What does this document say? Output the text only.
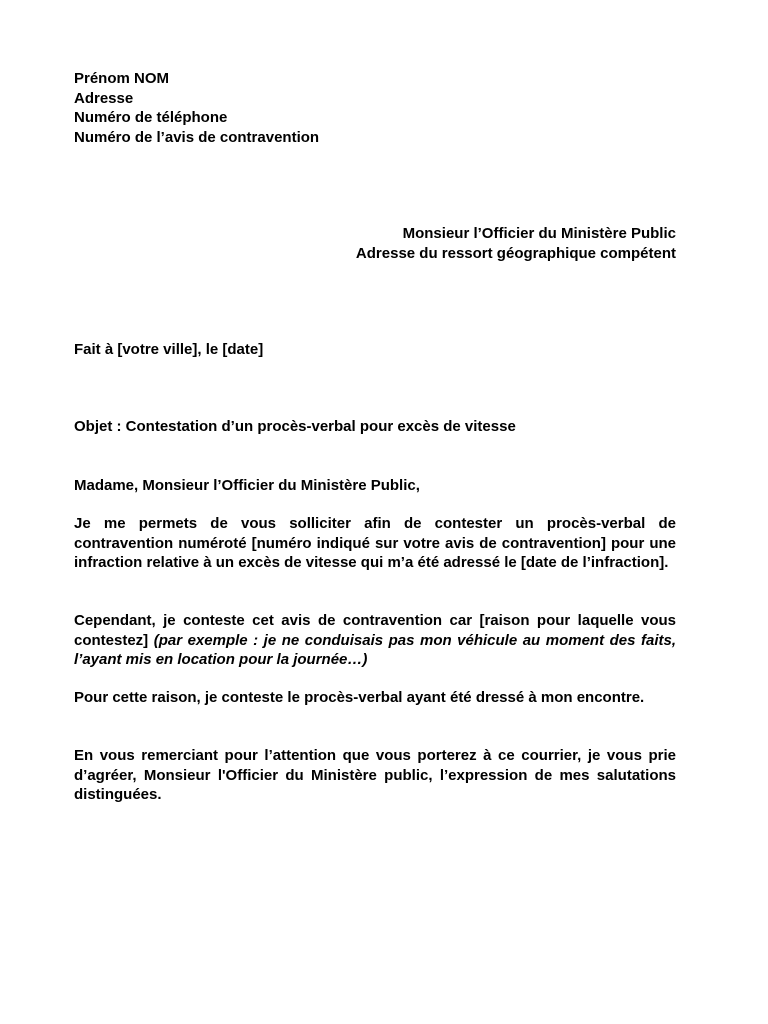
Prénom NOM
Adresse
Numéro de téléphone
Numéro de l’avis de contravention
Monsieur l’Officier du Ministère Public
Adresse du ressort géographique compétent
Fait à [votre ville], le [date]
Objet : Contestation d’un procès-verbal pour excès de vitesse
Madame, Monsieur l’Officier du Ministère Public,

Je me permets de vous solliciter afin de contester un procès-verbal de contravention numéroté [numéro indiqué sur votre avis de contravention] pour une infraction relative à un excès de vitesse qui m’a été adressé le [date de l’infraction].

Cependant, je conteste cet avis de contravention car [raison pour laquelle vous contestez] (par exemple : je ne conduisais pas mon véhicule au moment des faits, l’ayant mis en location pour la journée…)

Pour cette raison, je conteste le procès-verbal ayant été dressé à mon encontre.

En vous remerciant pour l’attention que vous porterez à ce courrier, je vous prie d’agréer, Monsieur l'Officier du Ministère public, l’expression de mes salutations distinguées.
